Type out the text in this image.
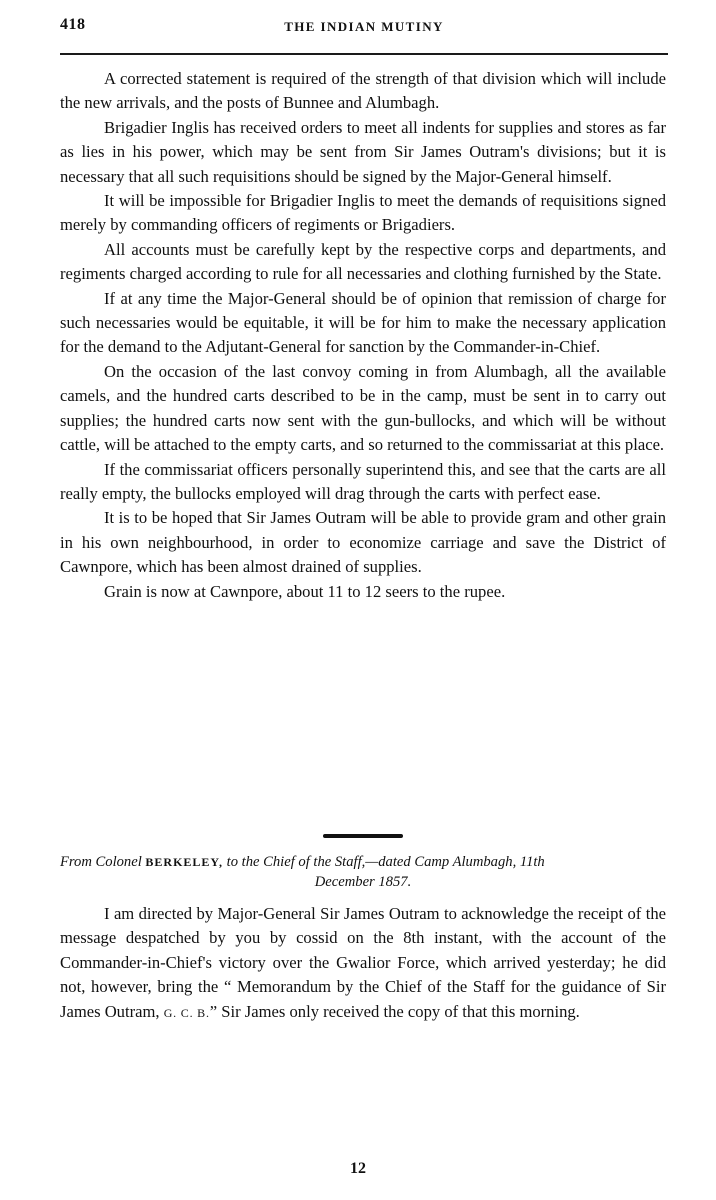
418	THE INDIAN MUTINY

A corrected statement is required of the strength of that division which will include the new arrivals, and the posts of Bunnee and Alumbagh.

Brigadier Inglis has received orders to meet all indents for supplies and stores as far as lies in his power, which may be sent from Sir James Outram's divisions; but it is necessary that all such requisitions should be signed by the Major-General himself.

It will be impossible for Brigadier Inglis to meet the demands of requisitions signed merely by commanding officers of regiments or Brigadiers.

All accounts must be carefully kept by the respective corps and departments, and regiments charged according to rule for all necessaries and clothing furnished by the State.

If at any time the Major-General should be of opinion that remission of charge for such necessaries would be equitable, it will be for him to make the necessary application for the demand to the Adjutant-General for sanction by the Commander-in-Chief.

On the occasion of the last convoy coming in from Alumbagh, all the available camels, and the hundred carts described to be in the camp, must be sent in to carry out supplies; the hundred carts now sent with the gun-bullocks, and which will be without cattle, will be attached to the empty carts, and so returned to the commissariat at this place.

If the commissariat officers personally superintend this, and see that the carts are all really empty, the bullocks employed will drag through the carts with perfect ease.

It is to be hoped that Sir James Outram will be able to provide gram and other grain in his own neighbourhood, in order to economize carriage and save the District of Cawnpore, which has been almost drained of supplies.

Grain is now at Cawnpore, about 11 to 12 seers to the rupee.

From Colonel BERKELEY, to the Chief of the Staff,—dated Camp Alumbagh, 11th
December 1857.

I am directed by Major-General Sir James Outram to acknowledge the receipt of the message despatched by you by cossid on the 8th instant, with the account of the Commander-in-Chief's victory over the Gwalior Force, which arrived yesterday; he did not, however, bring the “ Memorandum by the Chief of the Staff for the guidance of Sir James Outram, G. C. B.” Sir James only received the copy of that this morning.

12
